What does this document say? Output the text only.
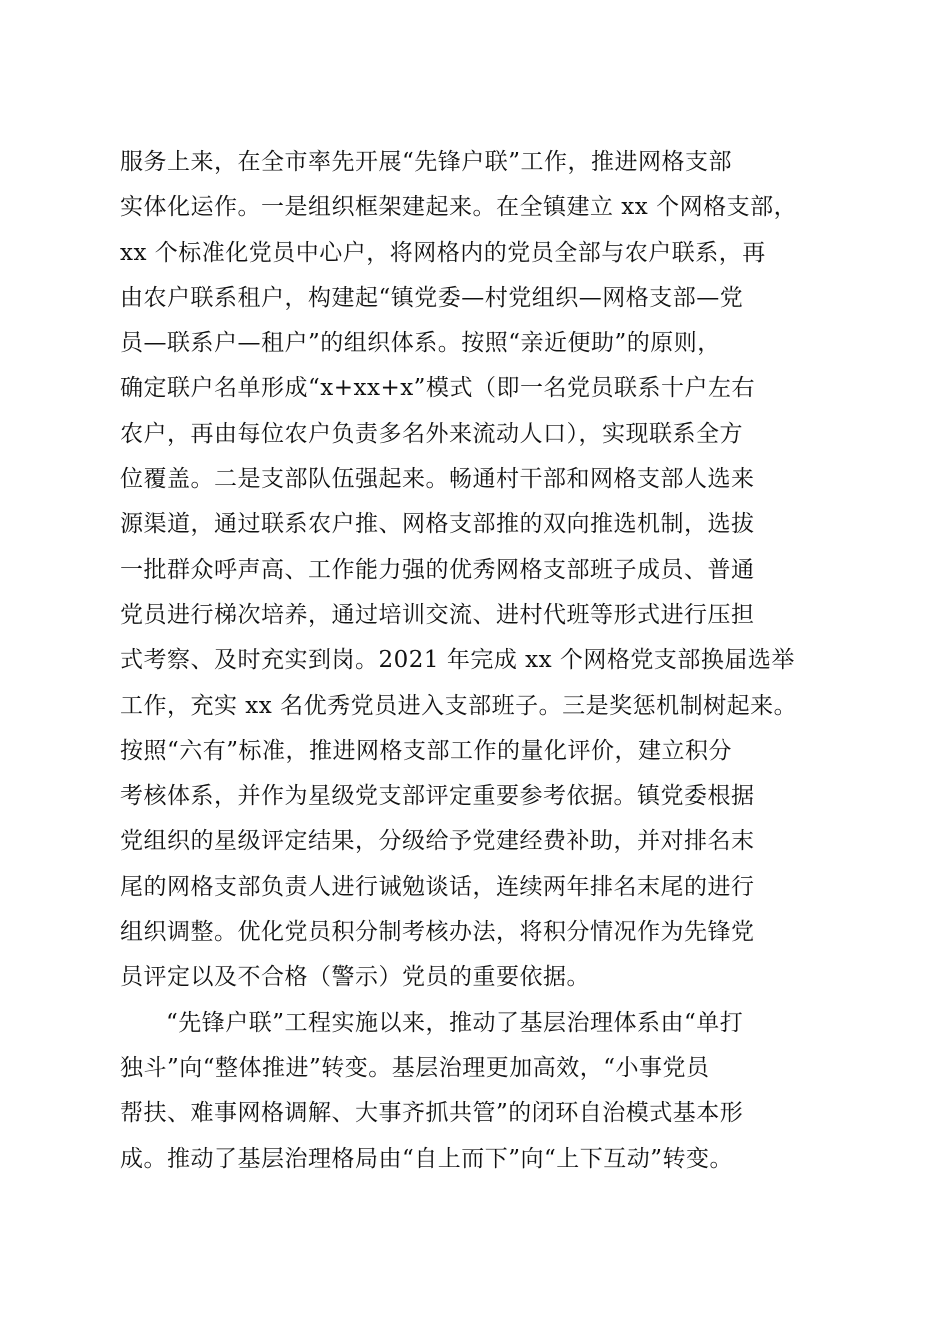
服务上来，在全市率先开展“先锋户联”工作，推进网格支部
实体化运作。一是组织框架建起来。在全镇建立 xx 个网格支部，
xx 个标准化党员中心户，将网格内的党员全部与农户联系，再
由农户联系租户，构建起“镇党委—村党组织—网格支部—党
员—联系户—租户”的组织体系。按照“亲近便助”的原则，
确定联户名单形成“x+xx+x”模式（即一名党员联系十户左右
农户，再由每位农户负责多名外来流动人口），实现联系全方
位覆盖。二是支部队伍强起来。畅通村干部和网格支部人选来
源渠道，通过联系农户推、网格支部推的双向推选机制，选拔
一批群众呼声高、工作能力强的优秀网格支部班子成员、普通
党员进行梯次培养，通过培训交流、进村代班等形式进行压担
式考察、及时充实到岗。2021 年完成 xx 个网格党支部换届选举
工作，充实 xx 名优秀党员进入支部班子。三是奖惩机制树起来。
按照“六有”标准，推进网格支部工作的量化评价，建立积分
考核体系，并作为星级党支部评定重要参考依据。镇党委根据
党组织的星级评定结果，分级给予党建经费补助，并对排名末
尾的网格支部负责人进行诫勉谈话，连续两年排名末尾的进行
组织调整。优化党员积分制考核办法，将积分情况作为先锋党
员评定以及不合格（警示）党员的重要依据。
“先锋户联”工程实施以来，推动了基层治理体系由“单打
独斗”向“整体推进”转变。基层治理更加高效，“小事党员
帮扶、难事网格调解、大事齐抓共管”的闭环自治模式基本形
成。推动了基层治理格局由“自上而下”向“上下互动”转变。
